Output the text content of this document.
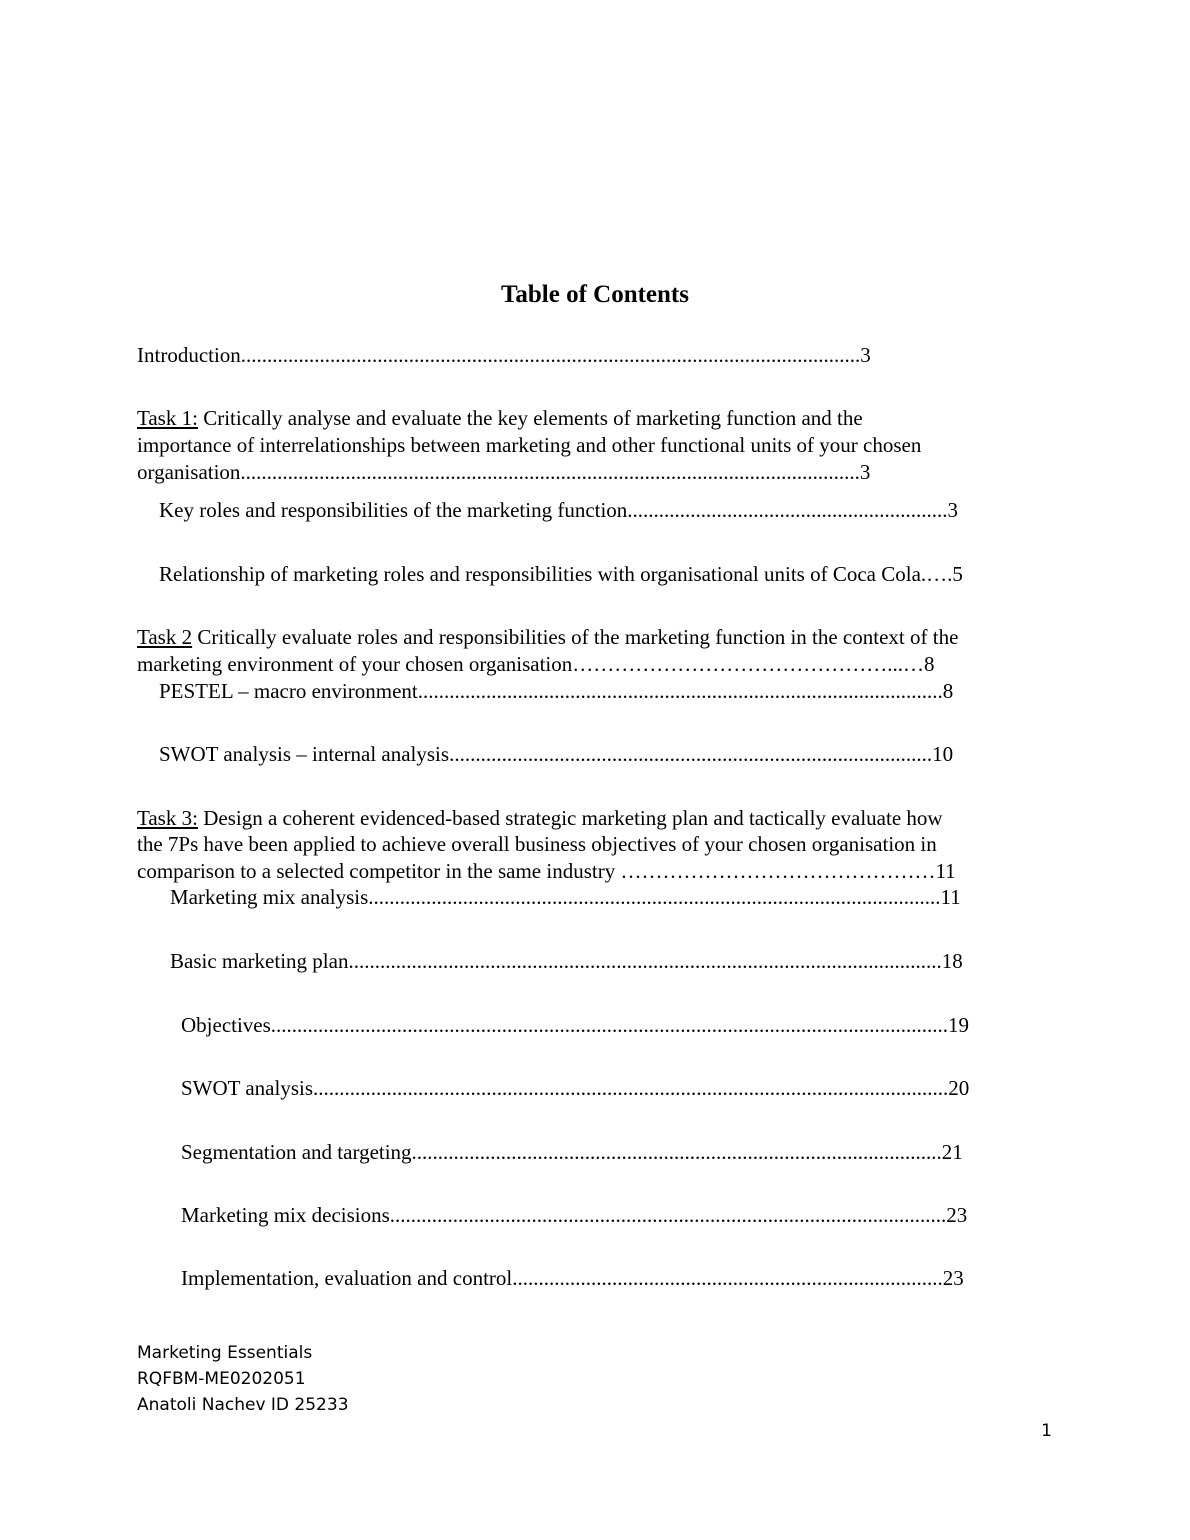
Table of Contents
Introduction......................................................................................................................3
Task 1: Critically analyse and evaluate the key elements of marketing function and the
importance of interrelationships between marketing and other functional units of your chosen
organisation......................................................................................................................3
Key roles and responsibilities of the marketing function.............................................................3
Relationship of marketing roles and responsibilities with organisational units of Coca Cola.….5
Task 2 Critically evaluate roles and responsibilities of the marketing function in the context of the
marketing environment of your chosen organisation………………………………………...…8
PESTEL – macro environment....................................................................................................8
SWOT analysis – internal analysis............................................................................................10
Task 3: Design a coherent evidenced-based strategic marketing plan and tactically evaluate how
the 7Ps have been applied to achieve overall business objectives of your chosen organisation in
comparison to a selected competitor in the same industry ………………………………………11
Marketing mix analysis.............................................................................................................11
Basic marketing plan.................................................................................................................18
Objectives.................................................................................................................................19
SWOT analysis.........................................................................................................................20
Segmentation and targeting.....................................................................................................21
Marketing mix decisions..........................................................................................................23
Implementation, evaluation and control..................................................................................23
Marketing Essentials
RQFBM-ME0202051
Anatoli Nachev ID 25233
1
